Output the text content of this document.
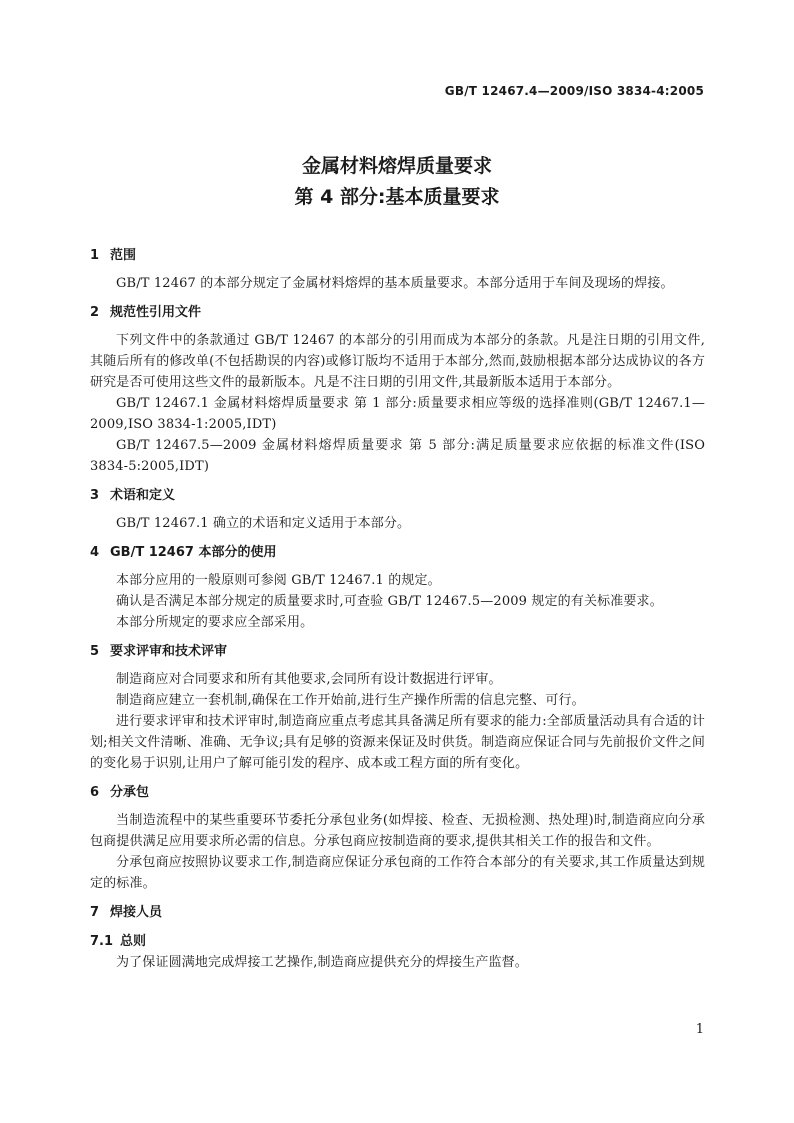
GB/T 12467.4—2009/ISO 3834-4:2005
金属材料熔焊质量要求
第 4 部分:基本质量要求
1 范围

GB/T 12467 的本部分规定了金属材料熔焊的基本质量要求。本部分适用于车间及现场的焊接。

2 规范性引用文件

下列文件中的条款通过 GB/T 12467 的本部分的引用而成为本部分的条款。凡是注日期的引用文件,其随后所有的修改单(不包括勘误的内容)或修订版均不适用于本部分,然而,鼓励根据本部分达成协议的各方研究是否可使用这些文件的最新版本。凡是不注日期的引用文件,其最新版本适用于本部分。

GB/T 12467.1 金属材料熔焊质量要求 第 1 部分:质量要求相应等级的选择准则(GB/T 12467.1—2009,ISO 3834-1:2005,IDT)

GB/T 12467.5—2009 金属材料熔焊质量要求 第 5 部分:满足质量要求应依据的标准文件(ISO 3834-5:2005,IDT)

3 术语和定义

GB/T 12467.1 确立的术语和定义适用于本部分。

4 GB/T 12467 本部分的使用

本部分应用的一般原则可参阅 GB/T 12467.1 的规定。

确认是否满足本部分规定的质量要求时,可查验 GB/T 12467.5—2009 规定的有关标准要求。

本部分所规定的要求应全部采用。

5 要求评审和技术评审

制造商应对合同要求和所有其他要求,会同所有设计数据进行评审。

制造商应建立一套机制,确保在工作开始前,进行生产操作所需的信息完整、可行。

进行要求评审和技术评审时,制造商应重点考虑其具备满足所有要求的能力:全部质量活动具有合适的计划;相关文件清晰、准确、无争议;具有足够的资源来保证及时供货。制造商应保证合同与先前报价文件之间的变化易于识别,让用户了解可能引发的程序、成本或工程方面的所有变化。

6 分承包

当制造流程中的某些重要环节委托分承包业务(如焊接、检查、无损检测、热处理)时,制造商应向分承包商提供满足应用要求所必需的信息。分承包商应按制造商的要求,提供其相关工作的报告和文件。

分承包商应按照协议要求工作,制造商应保证分承包商的工作符合本部分的有关要求,其工作质量达到规定的标准。

7 焊接人员
7.1 总则

为了保证圆满地完成焊接工艺操作,制造商应提供充分的焊接生产监督。

1
